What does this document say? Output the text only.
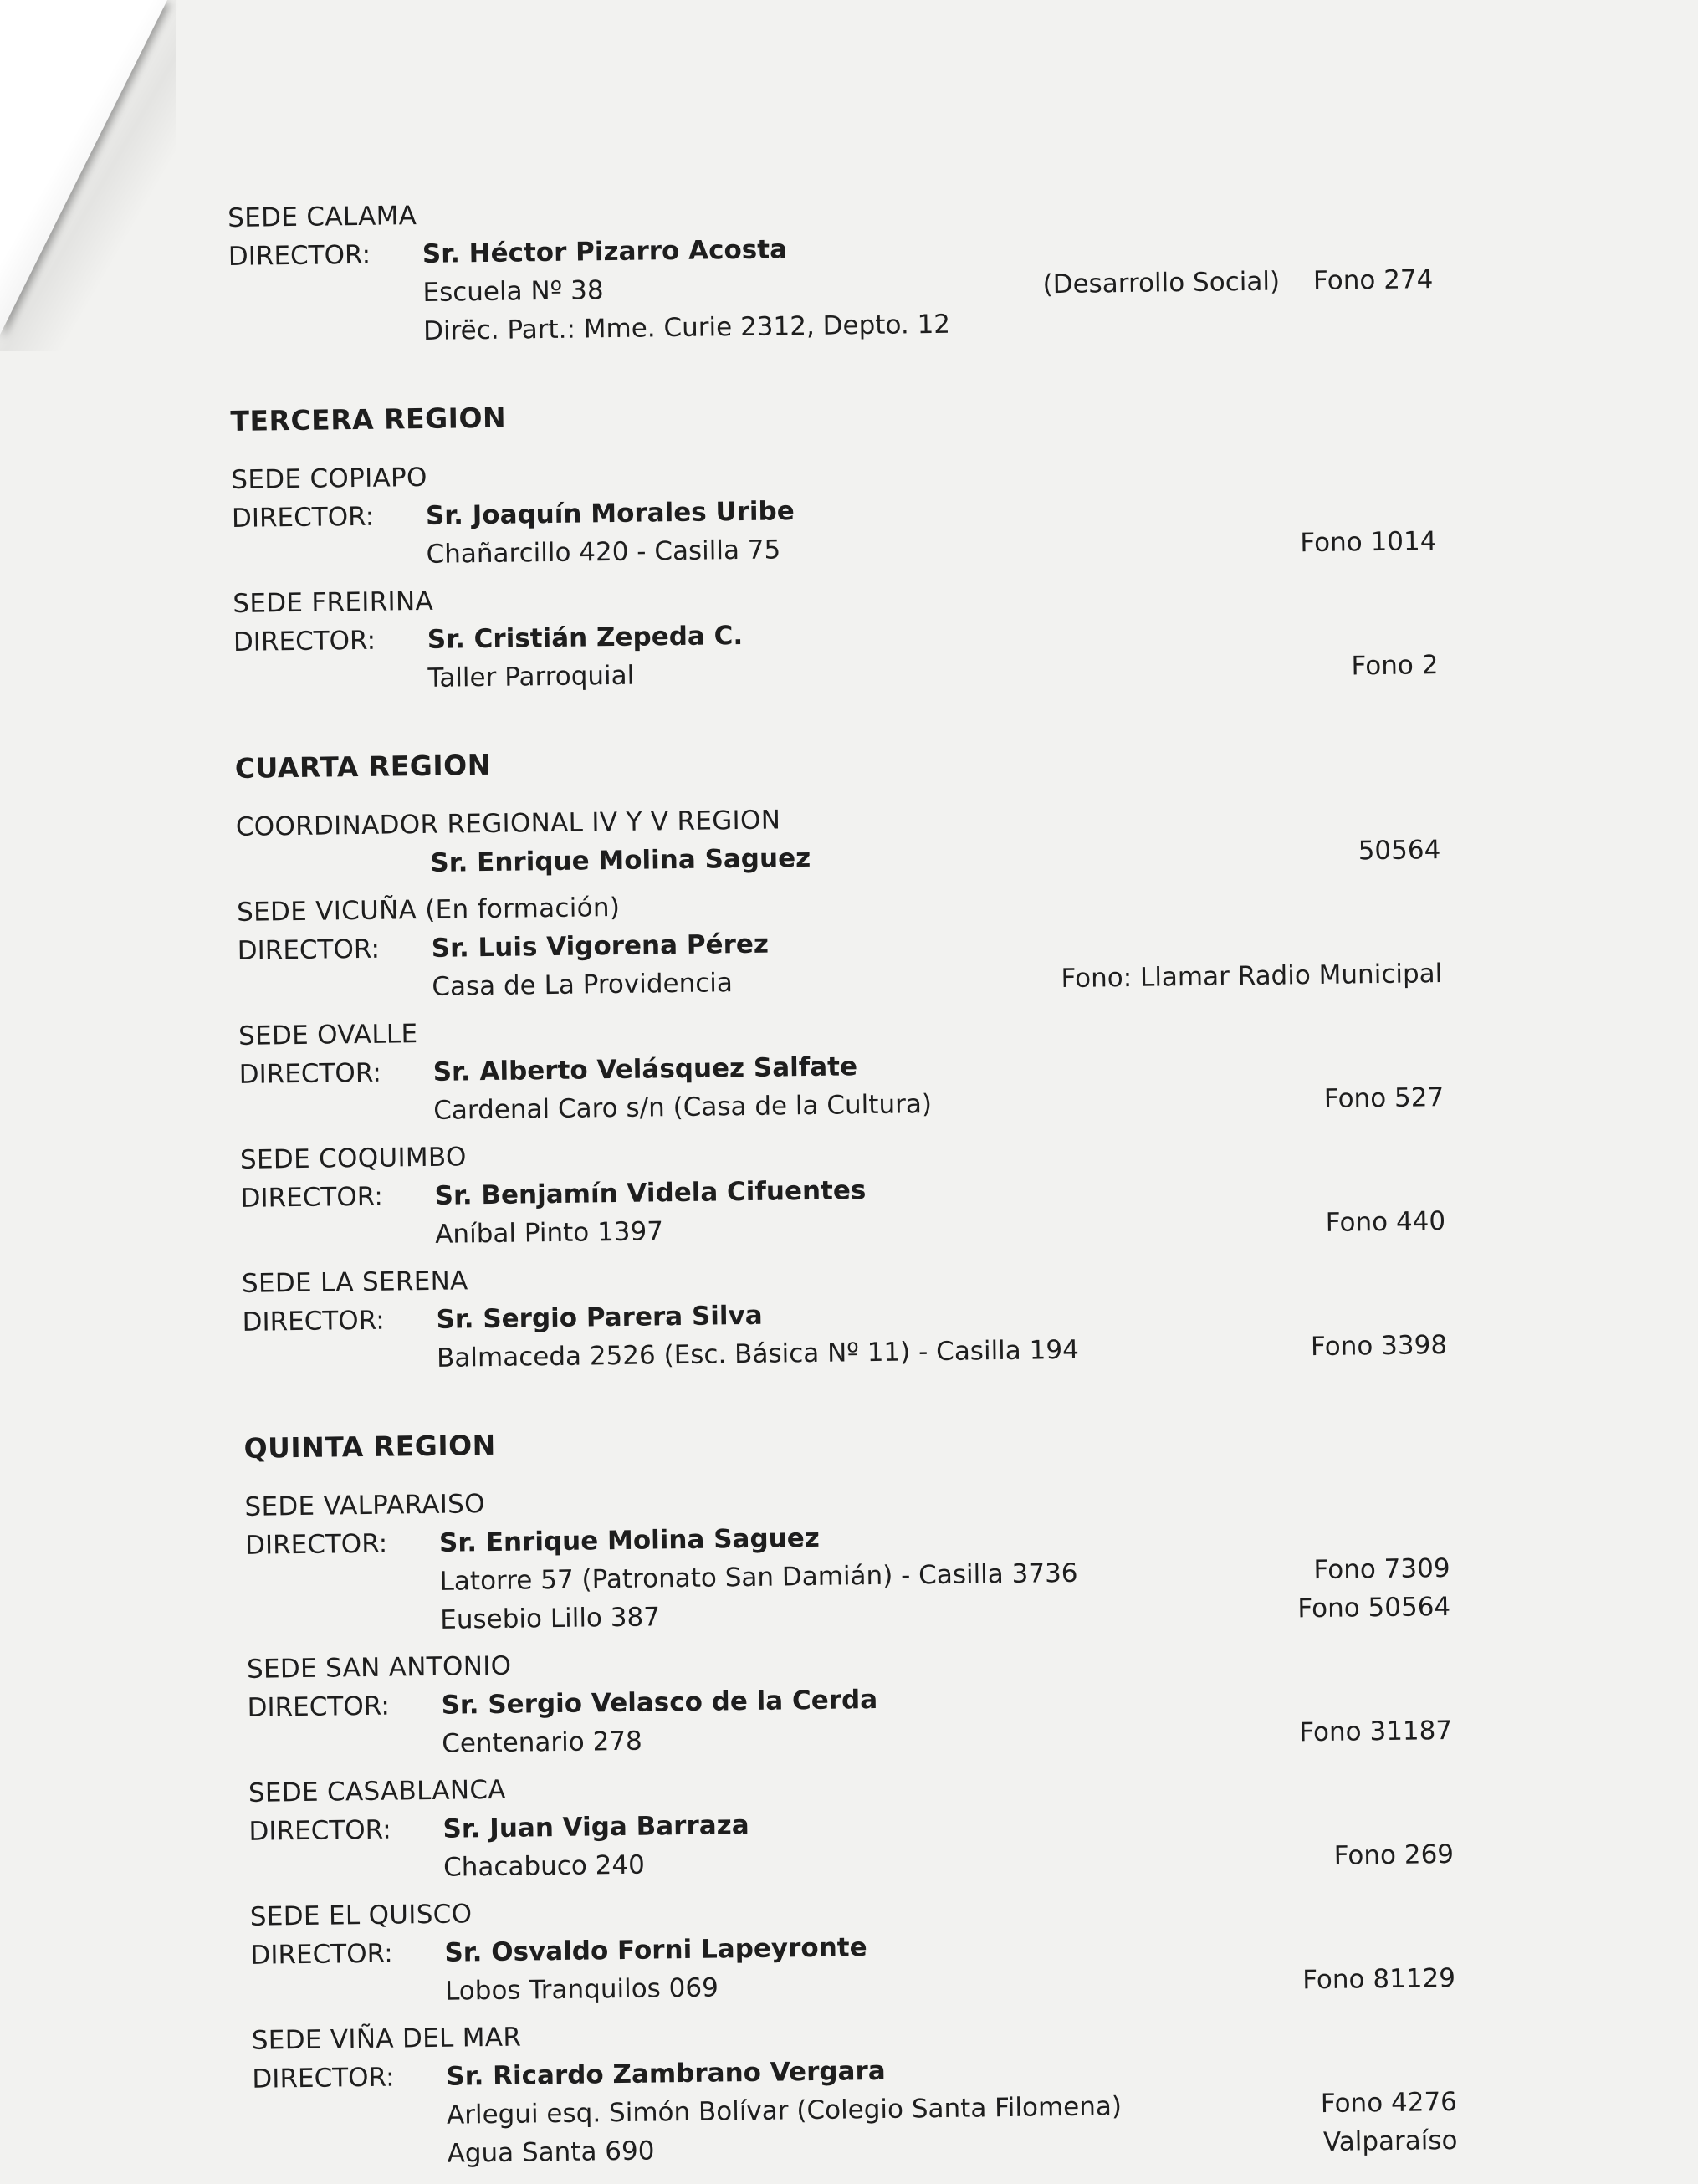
SEDE CALAMA
DIRECTOR:	Sr. Héctor Pizarro Acosta
Escuela Nº 38	(Desarrollo Social) Fono 274
Dirëc. Part.: Mme. Curie 2312, Depto. 12
TERCERA REGION
SEDE COPIAPO
DIRECTOR:	Sr. Joaquín Morales Uribe
Chañarcillo 420 - Casilla 75	Fono 1014
SEDE FREIRINA
DIRECTOR:	Sr. Cristián Zepeda C.
Taller Parroquial	Fono 2
CUARTA REGION
COORDINADOR REGIONAL IV Y V REGION
Sr. Enrique Molina Saguez	50564
SEDE VICUÑA (En formación)
DIRECTOR:	Sr. Luis Vigorena Pérez
Casa de La Providencia	Fono: Llamar Radio Municipal
SEDE OVALLE
DIRECTOR:	Sr. Alberto Velásquez Salfate
Cardenal Caro s/n (Casa de la Cultura)	Fono 527
SEDE COQUIMBO
DIRECTOR:	Sr. Benjamín Videla Cifuentes
Aníbal Pinto 1397	Fono 440
SEDE LA SERENA
DIRECTOR:	Sr. Sergio Parera Silva
Balmaceda 2526 (Esc. Básica Nº 11) - Casilla 194	Fono 3398
QUINTA REGION
SEDE VALPARAISO
DIRECTOR:	Sr. Enrique Molina Saguez
Latorre 57 (Patronato San Damián) - Casilla 3736	Fono 7309
Eusebio Lillo 387	Fono 50564
SEDE SAN ANTONIO
DIRECTOR:	Sr. Sergio Velasco de la Cerda
Centenario 278	Fono 31187
SEDE CASABLANCA
DIRECTOR:	Sr. Juan Viga Barraza
Chacabuco 240	Fono 269
SEDE EL QUISCO
DIRECTOR:	Sr. Osvaldo Forni Lapeyronte
Lobos Tranquilos 069	Fono 81129
SEDE VIÑA DEL MAR
DIRECTOR:	Sr. Ricardo Zambrano Vergara
Arlegui esq. Simón Bolívar (Colegio Santa Filomena)	Fono 4276
Agua Santa 690	Valparaíso
